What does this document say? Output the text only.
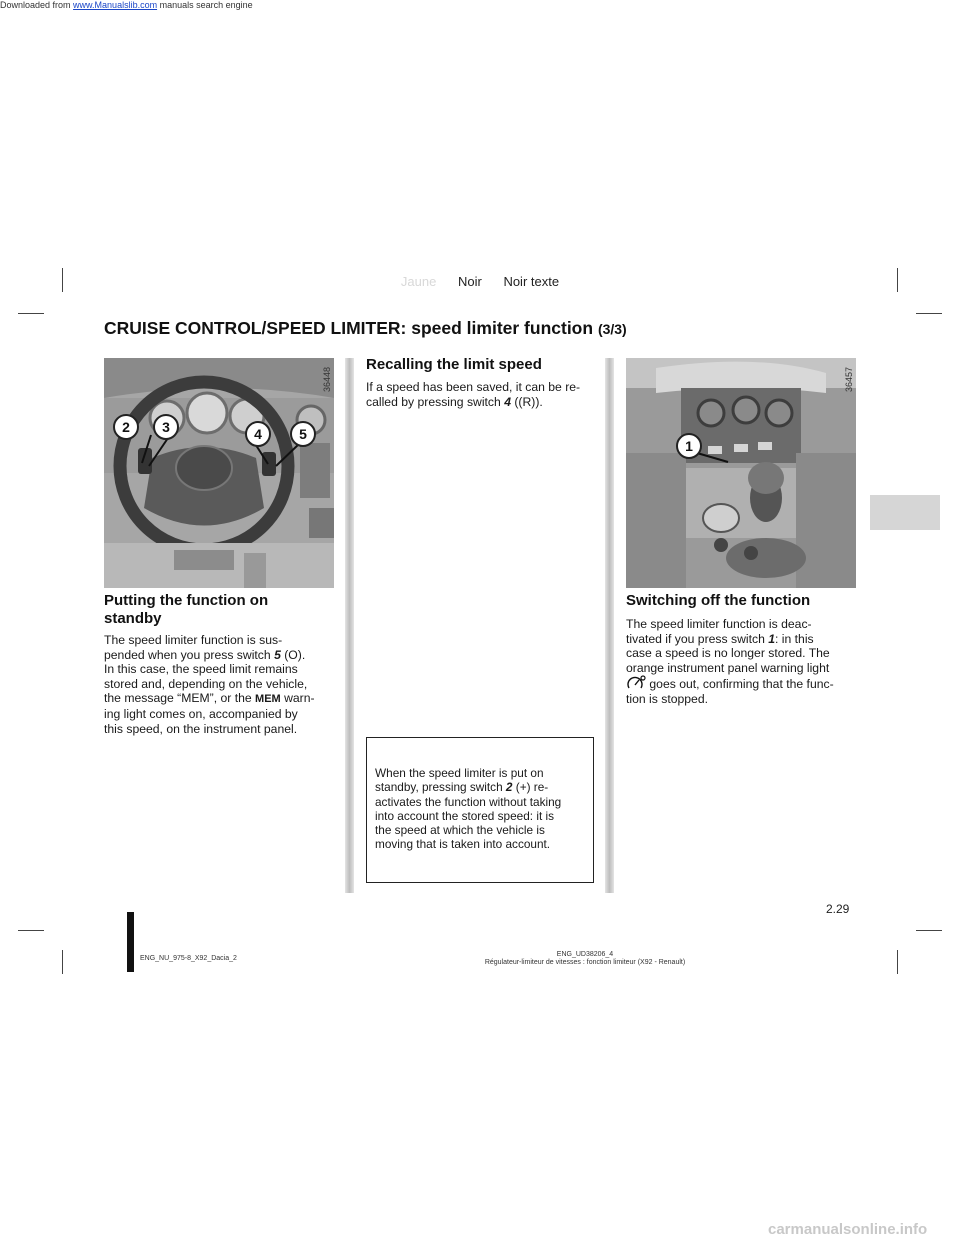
Downloaded from www.Manualslib.com manuals search engine
Jaune Noir Noir texte
CRUISE CONTROL/SPEED LIMITER: speed limiter function (3/3)
2	3	4	5
36448
1
36457
Putting the function on
standby
The speed limiter function is sus-
pended when you press switch 5 (O).
In this case, the speed limit remains
stored and, depending on the vehicle,
the message “MEM”, or the MEM warn-
ing light comes on, accompanied by
this speed, on the instrument panel.
Recalling the limit speed
If a speed has been saved, it can be re-
called by pressing switch 4 ((R)).
When the speed limiter is put on
standby, pressing switch 2 (+) re-
activates the function without taking
into account the stored speed: it is
the speed at which the vehicle is
moving that is taken into account.
Switching off the function
The speed limiter function is deac-
tivated if you press switch 1: in this
case a speed is no longer stored. The
orange instrument panel warning light
goes out, confirming that the func-
tion is stopped.
2.29
ENG_NU_975-8_X92_Dacia_2
ENG_UD38206_4
Régulateur-limiteur de vitesses : fonction limiteur (X92 - Renault)
carmanualsonline.info
